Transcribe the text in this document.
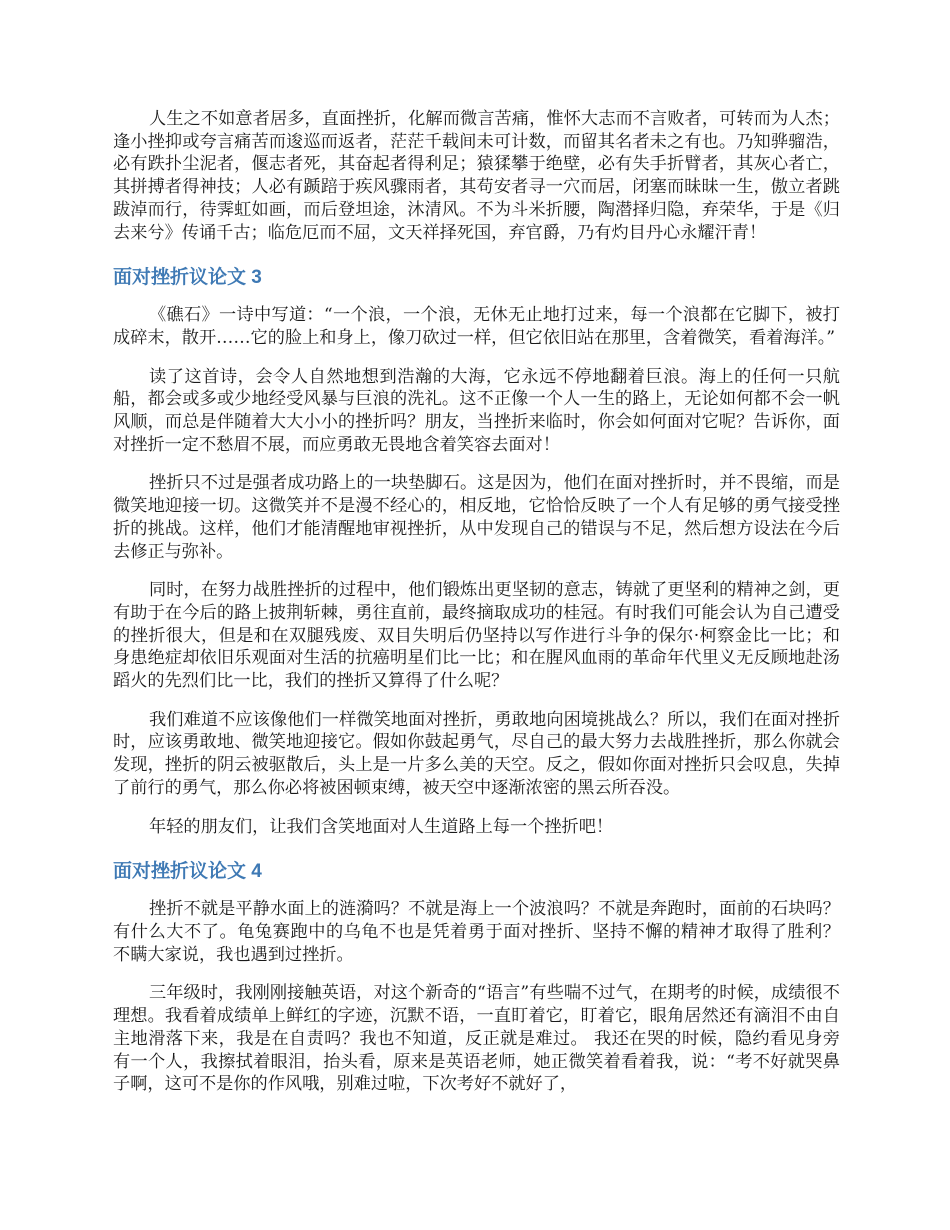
人生之不如意者居多，直面挫折，化解而微言苦痛，惟怀大志而不言败者，可转而为人杰；逢小挫抑或夸言痛苦而逡巡而返者，茫茫千载间未可计数，而留其名者未之有也。乃知骅骝浩，必有跌扑尘泥者，偃志者死，其奋起者得利足；猿猱攀于绝壁，必有失手折臂者，其灰心者亡，其拼搏者得神技；人必有踬踣于疾风骤雨者，其苟安者寻一穴而居，闭塞而昧昧一生，傲立者跳跋淖而行，待霁虹如画，而后登坦途，沐清风。不为斗米折腰，陶潜择归隐，弃荣华，于是《归去来兮》传诵千古；临危厄而不屈，文天祥择死国，弃官爵，乃有灼目丹心永耀汗青！

面对挫折议论文 3

《礁石》一诗中写道：“一个浪，一个浪，无休无止地打过来，每一个浪都在它脚下，被打成碎末，散开……它的脸上和身上，像刀砍过一样，但它依旧站在那里，含着微笑，看着海洋。”

读了这首诗，会令人自然地想到浩瀚的大海，它永远不停地翻着巨浪。海上的任何一只航船，都会或多或少地经受风暴与巨浪的洗礼。这不正像一个人一生的路上，无论如何都不会一帆风顺，而总是伴随着大大小小的挫折吗？朋友，当挫折来临时，你会如何面对它呢？告诉你，面对挫折一定不愁眉不展，而应勇敢无畏地含着笑容去面对！

挫折只不过是强者成功路上的一块垫脚石。这是因为，他们在面对挫折时，并不畏缩，而是微笑地迎接一切。这微笑并不是漫不经心的，相反地，它恰恰反映了一个人有足够的勇气接受挫折的挑战。这样，他们才能清醒地审视挫折，从中发现自己的错误与不足，然后想方设法在今后去修正与弥补。

同时，在努力战胜挫折的过程中，他们锻炼出更坚韧的意志，铸就了更坚利的精神之剑，更有助于在今后的路上披荆斩棘，勇往直前，最终摘取成功的桂冠。有时我们可能会认为自己遭受的挫折很大，但是和在双腿残废、双目失明后仍坚持以写作进行斗争的保尔·柯察金比一比；和身患绝症却依旧乐观面对生活的抗癌明星们比一比；和在腥风血雨的革命年代里义无反顾地赴汤蹈火的先烈们比一比，我们的挫折又算得了什么呢？

我们难道不应该像他们一样微笑地面对挫折，勇敢地向困境挑战么？所以，我们在面对挫折时，应该勇敢地、微笑地迎接它。假如你鼓起勇气，尽自己的最大努力去战胜挫折，那么你就会发现，挫折的阴云被驱散后，头上是一片多么美的天空。反之，假如你面对挫折只会叹息，失掉了前行的勇气，那么你必将被困顿束缚，被天空中逐渐浓密的黑云所吞没。

年轻的朋友们，让我们含笑地面对人生道路上每一个挫折吧！

面对挫折议论文 4

挫折不就是平静水面上的涟漪吗？不就是海上一个波浪吗？不就是奔跑时，面前的石块吗？有什么大不了。龟兔赛跑中的乌龟不也是凭着勇于面对挫折、坚持不懈的精神才取得了胜利？ 不瞒大家说，我也遇到过挫折。

三年级时，我刚刚接触英语，对这个新奇的“语言”有些喘不过气，在期考的时候，成绩很不理想。我看着成绩单上鲜红的字迹，沉默不语，一直盯着它，盯着它，眼角居然还有滴泪不由自主地滑落下来，我是在自责吗？我也不知道，反正就是难过。 我还在哭的时候，隐约看见身旁有一个人，我擦拭着眼泪，抬头看，原来是英语老师，她正微笑着看着我，说：“考不好就哭鼻子啊，这可不是你的作风哦，别难过啦，下次考好不就好了，
